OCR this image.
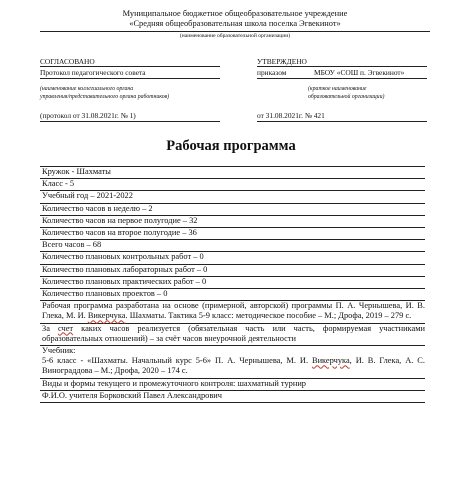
Муниципальное бюджетное общеобразовательное учреждение
«Средняя общеобразовательная школа поселка Эгвекинот»
(наименование образовательной организации)
СОГЛАСОВАНО
Протокол педагогического совета
(наименование коллегиального органа
управления/представительного органа работников)
(протокол от 31.08.2021г. № 1)
УТВЕРЖДЕНО
приказом	МБОУ «СОШ п. Эгвекинот»
(краткое наименование
образовательной организации)
от 31.08.2021г. № 421
Рабочая программа
Кружок - Шахматы
Класс - 5
Учебный год – 2021-2022
Количество часов в неделю – 2
Количество часов на первое полугодие – 32
Количество часов на второе полугодие – 36
Всего часов – 68
Количество плановых контрольных работ – 0
Количество плановых лабораторных работ – 0
Количество плановых практических работ – 0
Количество плановых проектов – 0
Рабочая программа разработана на основе (примерной, авторской) программы П. А. Чернышева, И. В. Глека, М. И. Викерчука. Шахматы. Тактика 5-9 класс: методическое пособие – М.; Дрофа, 2019 – 279 с.
За счет каких часов реализуется (обязательная часть или часть, формируемая участниками образовательных отношений) – за счёт часов внеурочной деятельности
Учебник:
5-6 класс - «Шахматы. Начальный курс 5-6» П. А. Чернышева, М. И. Викерчука, И. В. Глека, А. С. Винограддова – М.; Дрофа, 2020 – 174 с.
Виды и формы текущего и промежуточного контроля: шахматный турнир
Ф.И.О. учителя Борковский Павел Александрович
